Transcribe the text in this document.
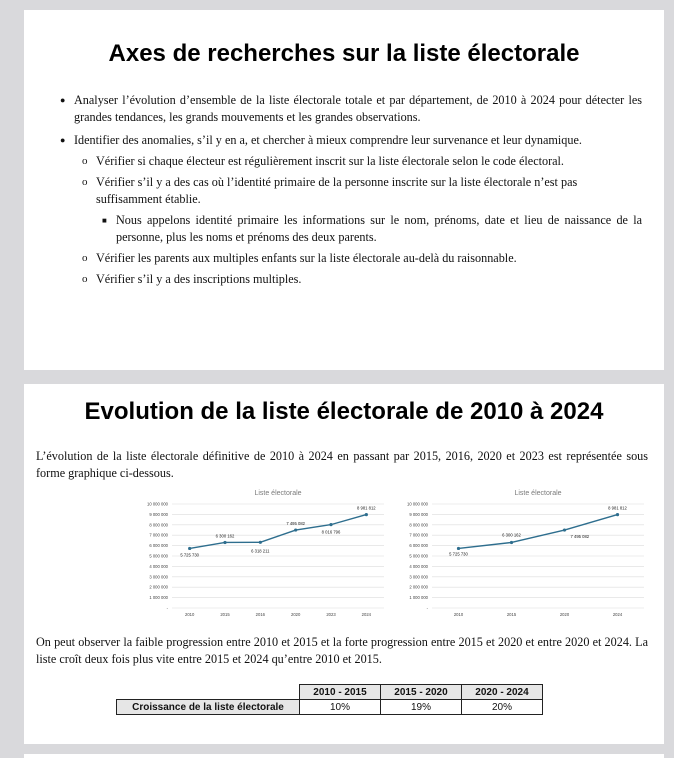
Axes de recherches sur la liste électorale
● Analyser l’évolution d’ensemble de la liste électorale totale et par département, de 2010 à 2024 pour détecter les grandes tendances, les grands mouvements et les grandes observations.
● Identifier des anomalies, s’il y en a, et chercher à mieux comprendre leur survenance et leur dynamique.
o Vérifier si chaque électeur est régulièrement inscrit sur la liste électorale selon le code électoral.
o Vérifier s’il y a des cas où l’identité primaire de la personne inscrite sur la liste électorale n’est pas suffisamment établie.
■ Nous appelons identité primaire les informations sur le nom, prénoms, date et lieu de naissance de la personne, plus les noms et prénoms des deux parents.
o Vérifier les parents aux multiples enfants sur la liste électorale au-delà du raisonnable.
o Vérifier s’il y a des inscriptions multiples.
Evolution de la liste électorale de 2010 à 2024

L’évolution de la liste électorale définitive de 2010 à 2024 en passant par 2015, 2016, 2020 et 2023 est représentée sous forme graphique ci-dessous.

Liste électorale
-
1 000 000
2 000 000
3 000 000
4 000 000
5 000 000
6 000 000
7 000 000
8 000 000
9 000 000
10 000 000
2010	2015	2016	2020	2023	2024
5 725 730
6 300 162
6 318 211
7 495 082
8 016 796
8 981 812
Liste électorale
-
1 000 000
2 000 000
3 000 000
4 000 000
5 000 000
6 000 000
7 000 000
8 000 000
9 000 000
10 000 000
2010	2015	2020	2024
5 725 730
6 300 162	7 495 082
8 981 812

On peut observer la faible progression entre 2010 et 2015 et la forte progression entre 2015 et 2020 et entre 2020 et 2024. La liste croît deux fois plus vite entre 2015 et 2024 qu’entre 2010 et 2015.

	2010 - 2015	2015 - 2020	2020 - 2024
Croissance de la liste électorale	10%	19%	20%
